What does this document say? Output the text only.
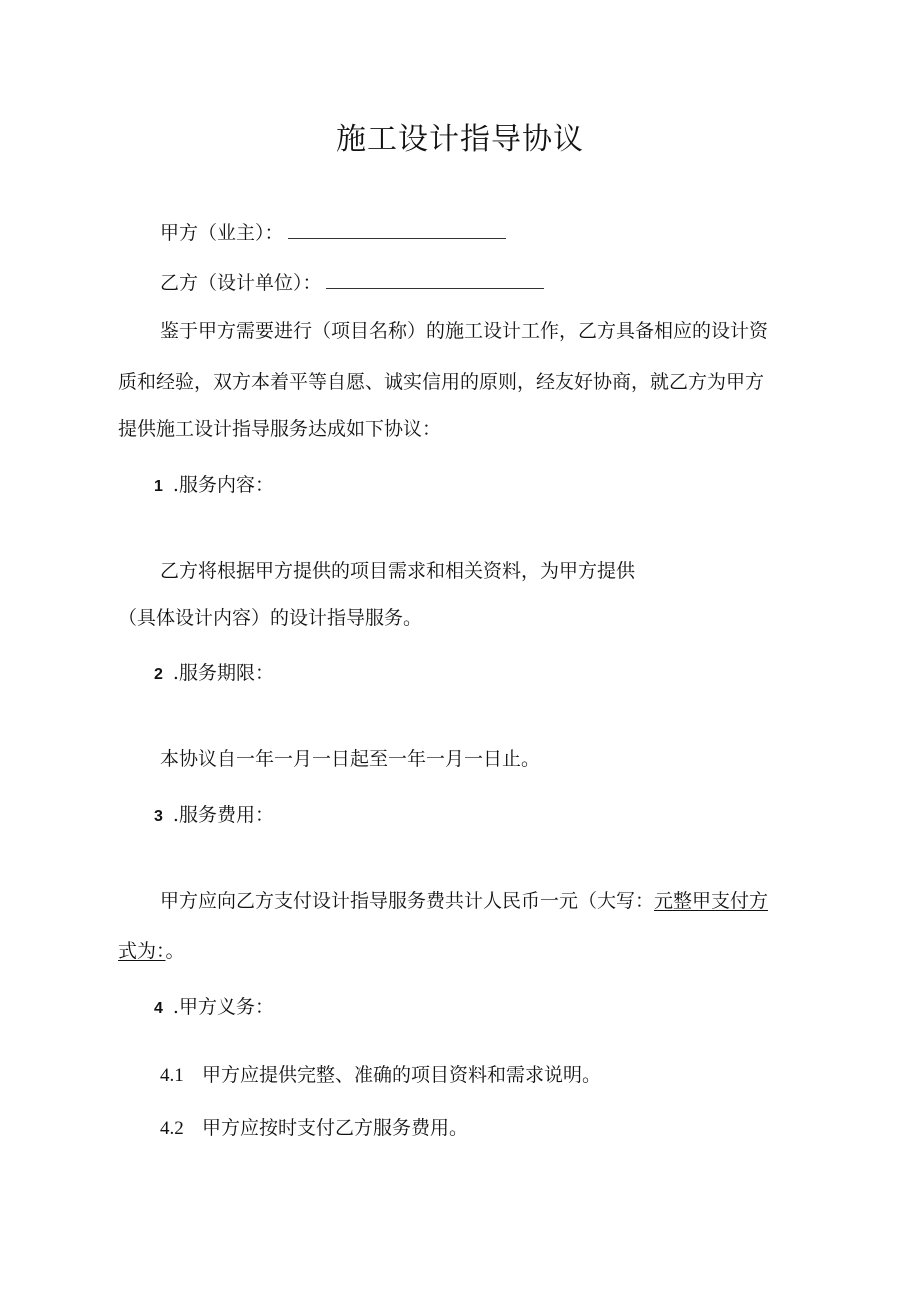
施工设计指导协议
甲方（业主）：
乙方（设计单位）：
鉴于甲方需要进行（项目名称）的施工设计工作，乙方具备相应的设计资
质和经验，双方本着平等自愿、诚实信用的原则，经友好协商，就乙方为甲方
提供施工设计指导服务达成如下协议：
1 .服务内容：
乙方将根据甲方提供的项目需求和相关资料，为甲方提供
（具体设计内容）的设计指导服务。
2 .服务期限：
本协议自一年一月一日起至一年一月一日止。
3 .服务费用：
甲方应向乙方支付设计指导服务费共计人民币一元（大写：元整甲支付方
式为：。
4 .甲方义务：
4.1 甲方应提供完整、准确的项目资料和需求说明。
4.2 甲方应按时支付乙方服务费用。
